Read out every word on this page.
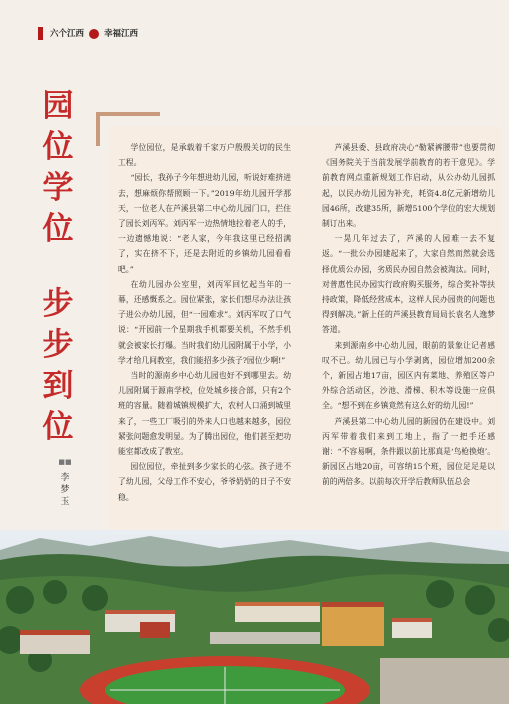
六个江西 幸福江西
园
位
学
位
步
步
到
位
■■
李
梦
玉

学位园位，是承载着千家万户殷殷关切的民生工程。

“园长，我孙子今年想进幼儿园，听说好难挤进去，想麻烦你帮照顾一下。”2019年幼儿园开学那天，一位老人在芦溪县第二中心幼儿园门口，拦住了园长刘丙军。刘丙军一边热情地拉着老人的手，一边遗憾地说：“老人家，今年我这里已经招满了，实在挤不下，还是去附近的乡镇幼儿园看看吧。”

在幼儿园办公室里，刘丙军回忆起当年的一幕，还感慨系之。园位紧张，家长们想尽办法让孩子进公办幼儿园，但“一园难求”。刘丙军叹了口气说：“开园前一个星期我手机都要关机，不然手机就会被家长打爆。当时我们幼儿园附属于小学，小学才给几间教室，我们能招多少孩子?园位少啊!”

当时的源南乡中心幼儿园也好不到哪里去。幼儿园附属于源南学校，位处城乡接合部，只有2个班的容量。随着城镇规模扩大，农村人口涌到城里来了，一些工厂吸引的外来人口也越来越多，园位紧张问题愈发明显。为了腾出园位，他们甚至把功能室都改成了教室。

园位园位，牵扯到多少家长的心弦。孩子进不了幼儿园，父母工作不安心，爷爷奶奶的日子不安稳。

芦溪县委、县政府决心“勒紧裤腰带”也要贯彻《国务院关于当前发展学前教育的若干意见》。学前教育网点重新规划工作启动，从公办幼儿园抓起，以民办幼儿园为补充，耗资4.8亿元新增幼儿园46所，改建35所，新增5100个学位的宏大规划制订出来。

一晃几年过去了，芦溪的人园难一去不复返。“一批公办园建起来了，大家自然而然就会选择优质公办园，劣质民办园自然会被淘汰。同时，对普惠性民办园实行政府购买服务，综合奖补等扶持政策，降低经营成本，这样人民办园贵的问题也得到解决。”新上任的芦溪县教育局局长袁名人逸梦答道。

来到源南乡中心幼儿园，眼前的景象让记者感叹不已。幼儿园已与小学剥离，园位增加200余个，新园占地17亩，园区内有菜地、养殖区等户外综合活动区，沙池、滑梯、积木等设施一应俱全。“想不到在乡镇竟然有这么好的幼儿园!”

芦溪县第二中心幼儿园的新园仍在建设中。刘丙军带着我们来到工地上，指了一把手还感谢：“不容易啊，条件跟以前比那真是‘鸟枪换炮’。新园区占地20亩，可容纳15个班，园位足足是以前的两倍多。以前每次开学后教师队伍总会
